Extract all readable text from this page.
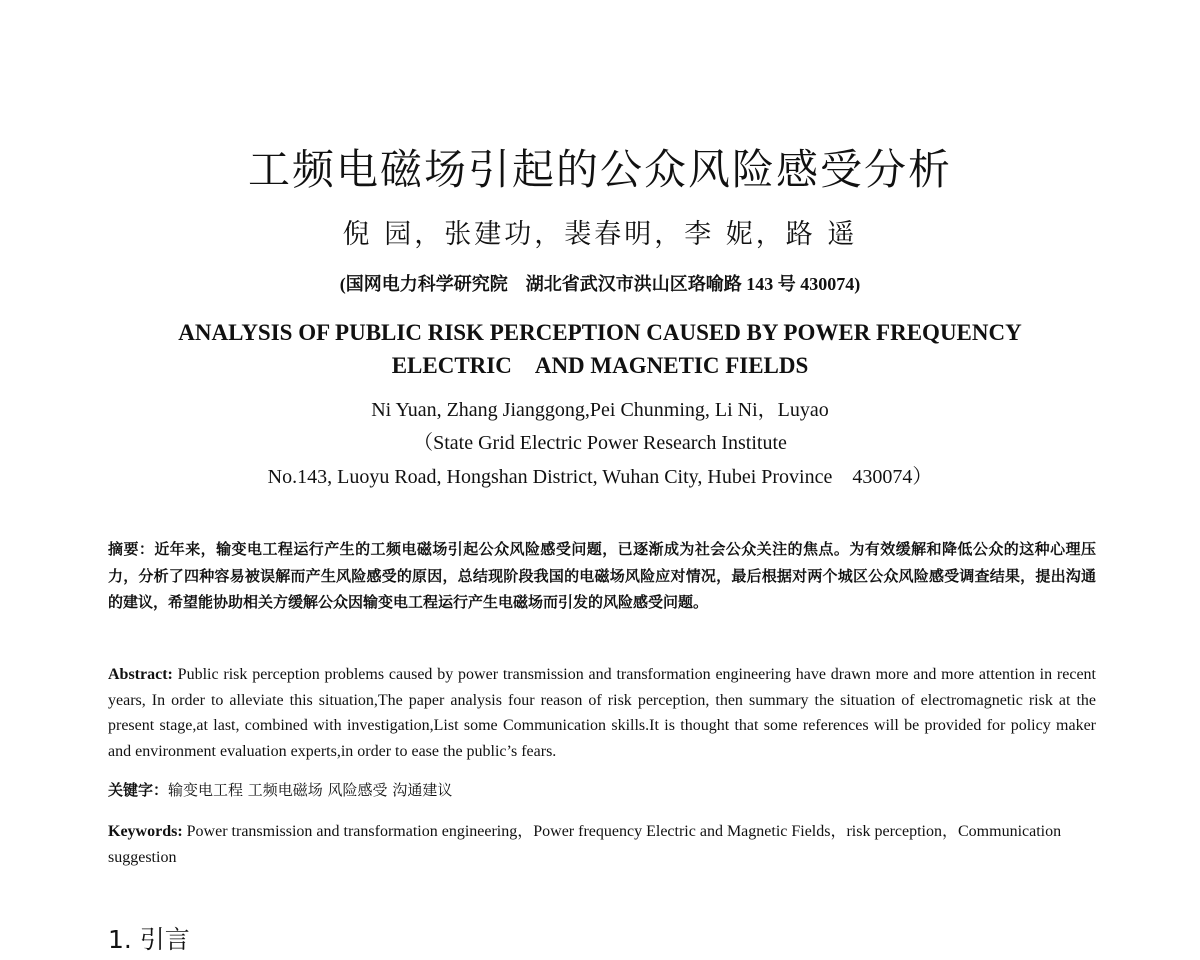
工频电磁场引起的公众风险感受分析
倪 园，张建功，裴春明，李 妮，路 遥
(国网电力科学研究院　湖北省武汉市洪山区珞喻路 143 号 430074)
ANALYSIS OF PUBLIC RISK PERCEPTION CAUSED BY POWER FREQUENCY
ELECTRIC　AND MAGNETIC FIELDS
Ni Yuan, Zhang Jianggong,Pei Chunming, Li Ni，Luyao
（State Grid Electric Power Research Institute
No.143, Luoyu Road, Hongshan District, Wuhan City, Hubei Province　430074）
摘要：近年来，输变电工程运行产生的工频电磁场引起公众风险感受问题，已逐渐成为社会公众关注的焦点。为有效缓解和降低公众的这种心理压力，分析了四种容易被误解而产生风险感受的原因，总结现阶段我国的电磁场风险应对情况，最后根据对两个城区公众风险感受调查结果，提出沟通的建议，希望能协助相关方缓解公众因输变电工程运行产生电磁场而引发的风险感受问题。
Abstract: Public risk perception problems caused by power transmission and transformation engineering have drawn more and more attention in recent years, In order to alleviate this situation,The paper analysis four reason of risk perception, then summary the situation of electromagnetic risk at the present stage,at last, combined with investigation,List some Communication skills.It is thought that some references will be provided for policy maker and environment evaluation experts,in order to ease the public’s fears.
关键字：输变电工程 工频电磁场 风险感受 沟通建议
Keywords: Power transmission and transformation engineering，Power frequency Electric and Magnetic Fields，risk perception，Communication suggestion
1. 引言
